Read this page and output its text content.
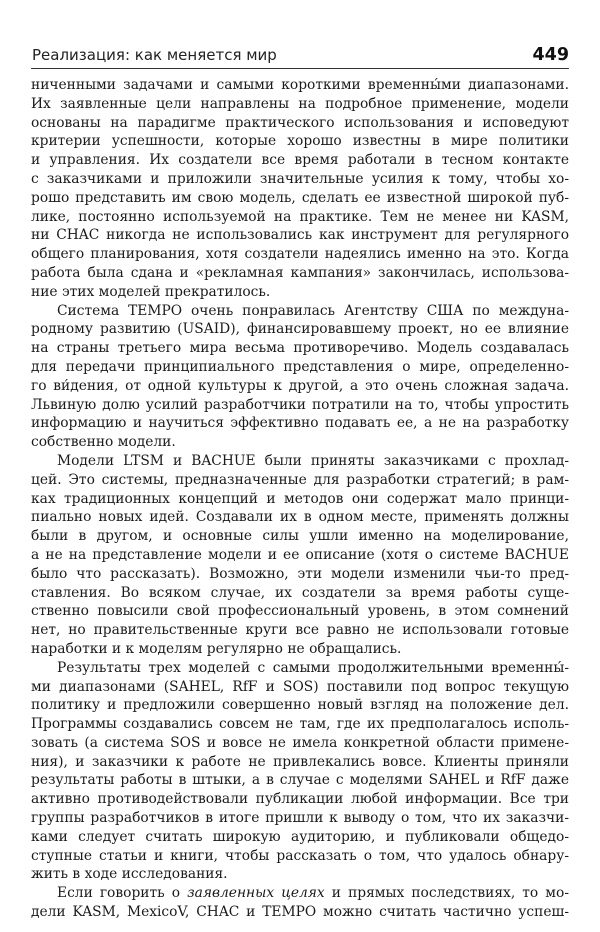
Реализация: как меняется мир	449
ниченными задачами и самыми короткими временны́ми диапазонами.
Их заявленные цели направлены на подробное применение, модели
основаны на парадигме практического использования и исповедуют
критерии успешности, которые хорошо известны в мире политики
и управления. Их создатели все время работали в тесном контакте
с заказчиками и приложили значительные усилия к тому, чтобы хо-
рошо представить им свою модель, сделать ее известной широкой пуб-
лике, постоянно используемой на практике. Тем не менее ни KASM,
ни CHAC никогда не использовались как инструмент для регулярного
общего планирования, хотя создатели надеялись именно на это. Когда
работа была сдана и «рекламная кампания» закончилась, использова-
ние этих моделей прекратилось.
Система TEMPO очень понравилась Агентству США по междуна-
родному развитию (USAID), финансировавшему проект, но ее влияние
на страны третьего мира весьма противоречиво. Модель создавалась
для передачи принципиального представления о мире, определенно-
го ви́дения, от одной культуры к другой, а это очень сложная задача.
Львиную долю усилий разработчики потратили на то, чтобы упростить
информацию и научиться эффективно подавать ее, а не на разработку
собственно модели.
Модели LTSM и BACHUE были приняты заказчиками с прохлад-
цей. Это системы, предназначенные для разработки стратегий; в рам-
ках традиционных концепций и методов они содержат мало принци-
пиально новых идей. Создавали их в одном месте, применять должны
были в другом, и основные силы ушли именно на моделирование,
а не на представление модели и ее описание (хотя о системе BACHUE
было что рассказать). Возможно, эти модели изменили чьи-то пред-
ставления. Во всяком случае, их создатели за время работы суще-
ственно повысили свой профессиональный уровень, в этом сомнений
нет, но правительственные круги все равно не использовали готовые
наработки и к моделям регулярно не обращались.
Результаты трех моделей с самыми продолжительными временны́-
ми диапазонами (SAHEL, RfF и SOS) поставили под вопрос текущую
политику и предложили совершенно новый взгляд на положение дел.
Программы создавались совсем не там, где их предполагалось исполь-
зовать (а система SOS и вовсе не имела конкретной области примене-
ния), и заказчики к работе не привлекались вовсе. Клиенты приняли
результаты работы в штыки, а в случае с моделями SAHEL и RfF даже
активно противодействовали публикации любой информации. Все три
группы разработчиков в итоге пришли к выводу о том, что их заказчи-
ками следует считать широкую аудиторию, и публиковали общедо-
ступные статьи и книги, чтобы рассказать о том, что удалось обнару-
жить в ходе исследования.
Если говорить о заявленных целях и прямых последствиях, то мо-
дели KASM, MexicoV, CHAC и TEMPO можно считать частично успеш-
